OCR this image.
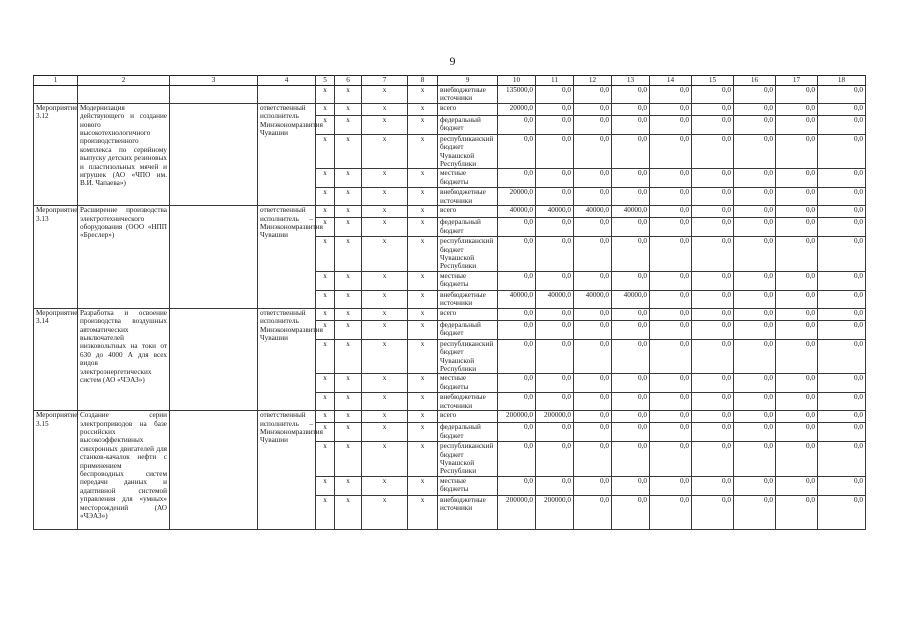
9
1	2	3	4	5	6	7	8	9	10	11	12	13	14	15	16	17	18
				x	x	x	x	внебюджетные источники	135000,0	0,0	0,0	0,0	0,0	0,0	0,0	0,0	0,0
Мероприятие 3.12	Модернизация действующего и создание нового высокотехнологичного производственного комплекса по серийному выпуску детских резиновых и пластизольных мячей и игрушек (АО «ЧПО им. В.И. Чапаева»)		ответственный исполнитель Минэкономразвития Чувашии	x	x	x	x	всего	20000,0	0,0	0,0	0,0	0,0	0,0	0,0	0,0	0,0
				x	x	x	x	федеральный бюджет	0,0	0,0	0,0	0,0	0,0	0,0	0,0	0,0	0,0
				x	x	x	x	республиканский бюджет Чувашской Республики	0,0	0,0	0,0	0,0	0,0	0,0	0,0	0,0	0,0
				x	x	x	x	местные бюджеты	0,0	0,0	0,0	0,0	0,0	0,0	0,0	0,0	0,0
				x	x	x	x	внебюджетные источники	20000,0	0,0	0,0	0,0	0,0	0,0	0,0	0,0	0,0
Мероприятие 3.13	Расширение производства электротехнического оборудования (ООО «НПП «Бреслер»)		ответственный исполнитель – Минэкономразвития Чувашии	x	x	x	x	всего	40000,0	40000,0	40000,0	40000,0	0,0	0,0	0,0	0,0	0,0
				x	x	x	x	федеральный бюджет	0,0	0,0	0,0	0,0	0,0	0,0	0,0	0,0	0,0
				x	x	x	x	республиканский бюджет Чувашской Республики	0,0	0,0	0,0	0,0	0,0	0,0	0,0	0,0	0,0
				x	x	x	x	местные бюджеты	0,0	0,0	0,0	0,0	0,0	0,0	0,0	0,0	0,0
				x	x	x	x	внебюджетные источники	40000,0	40000,0	40000,0	40000,0	0,0	0,0	0,0	0,0	0,0
Мероприятие 3.14	Разработка и освоение производства воздушных автоматических выключателей низковольтных на токи от 630 до 4000 А для всех видов электроэнергетических систем (АО «ЧЭАЗ»)		ответственный исполнитель Минэкономразвития Чувашии	x	x	x	x	всего	0,0	0,0	0,0	0,0	0,0	0,0	0,0	0,0	0,0
				x	x	x	x	федеральный бюджет	0,0	0,0	0,0	0,0	0,0	0,0	0,0	0,0	0,0
				x	x	x	x	республиканский бюджет Чувашской Республики	0,0	0,0	0,0	0,0	0,0	0,0	0,0	0,0	0,0
				x	x	x	x	местные бюджеты	0,0	0,0	0,0	0,0	0,0	0,0	0,0	0,0	0,0
				x	x	x	x	внебюджетные источники	0,0	0,0	0,0	0,0	0,0	0,0	0,0	0,0	0,0
Мероприятие 3.15	Создание серии электроприводов на базе российских высокоэффективных синхронных двигателей для станков-качалок нефти с применением беспроводных систем передачи данных и адаптивной системой управления для «умных» месторождений (АО «ЧЭАЗ»)		ответственный исполнитель – Минэкономразвития Чувашии	x	x	x	x	всего	200000,0	200000,0	0,0	0,0	0,0	0,0	0,0	0,0	0,0
				x	x	x	x	федеральный бюджет	0,0	0,0	0,0	0,0	0,0	0,0	0,0	0,0	0,0
				x	x	x	x	республиканский бюджет Чувашской Республики	0,0	0,0	0,0	0,0	0,0	0,0	0,0	0,0	0,0
				x	x	x	x	местные бюджеты	0,0	0,0	0,0	0,0	0,0	0,0	0,0	0,0	0,0
				x	x	x	x	внебюджетные источники	200000,0	200000,0	0,0	0,0	0,0	0,0	0,0	0,0	0,0
